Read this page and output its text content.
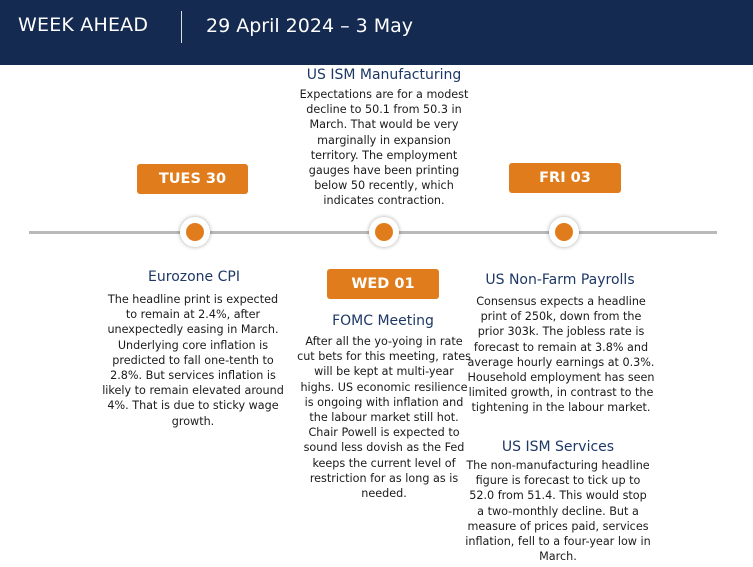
WEEK AHEAD	29 April 2024 – 3 May
TUES 30
WED 01
FRI 03
US ISM Manufacturing
Expectations are for a modest decline to 50.1 from 50.3 in March. That would be very marginally in expansion territory. The employment gauges have been printing below 50 recently, which indicates contraction.
Eurozone CPI
The headline print is expected to remain at 2.4%, after unexpectedly easing in March. Underlying core inflation is predicted to fall one-tenth to 2.8%. But services inflation is likely to remain elevated around 4%. That is due to sticky wage growth.
FOMC Meeting
After all the yo-yoing in rate cut bets for this meeting, rates will be kept at multi-year highs. US economic resilience is ongoing with inflation and the labour market still hot. Chair Powell is expected to sound less dovish as the Fed keeps the current level of restriction for as long as is needed.
US Non-Farm Payrolls
Consensus expects a headline print of 250k, down from the prior 303k. The jobless rate is forecast to remain at 3.8% and average hourly earnings at 0.3%. Household employment has seen limited growth, in contrast to the tightening in the labour market.
US ISM Services
The non-manufacturing headline figure is forecast to tick up to 52.0 from 51.4. This would stop a two-monthly decline. But a measure of prices paid, services inflation, fell to a four-year low in March.
